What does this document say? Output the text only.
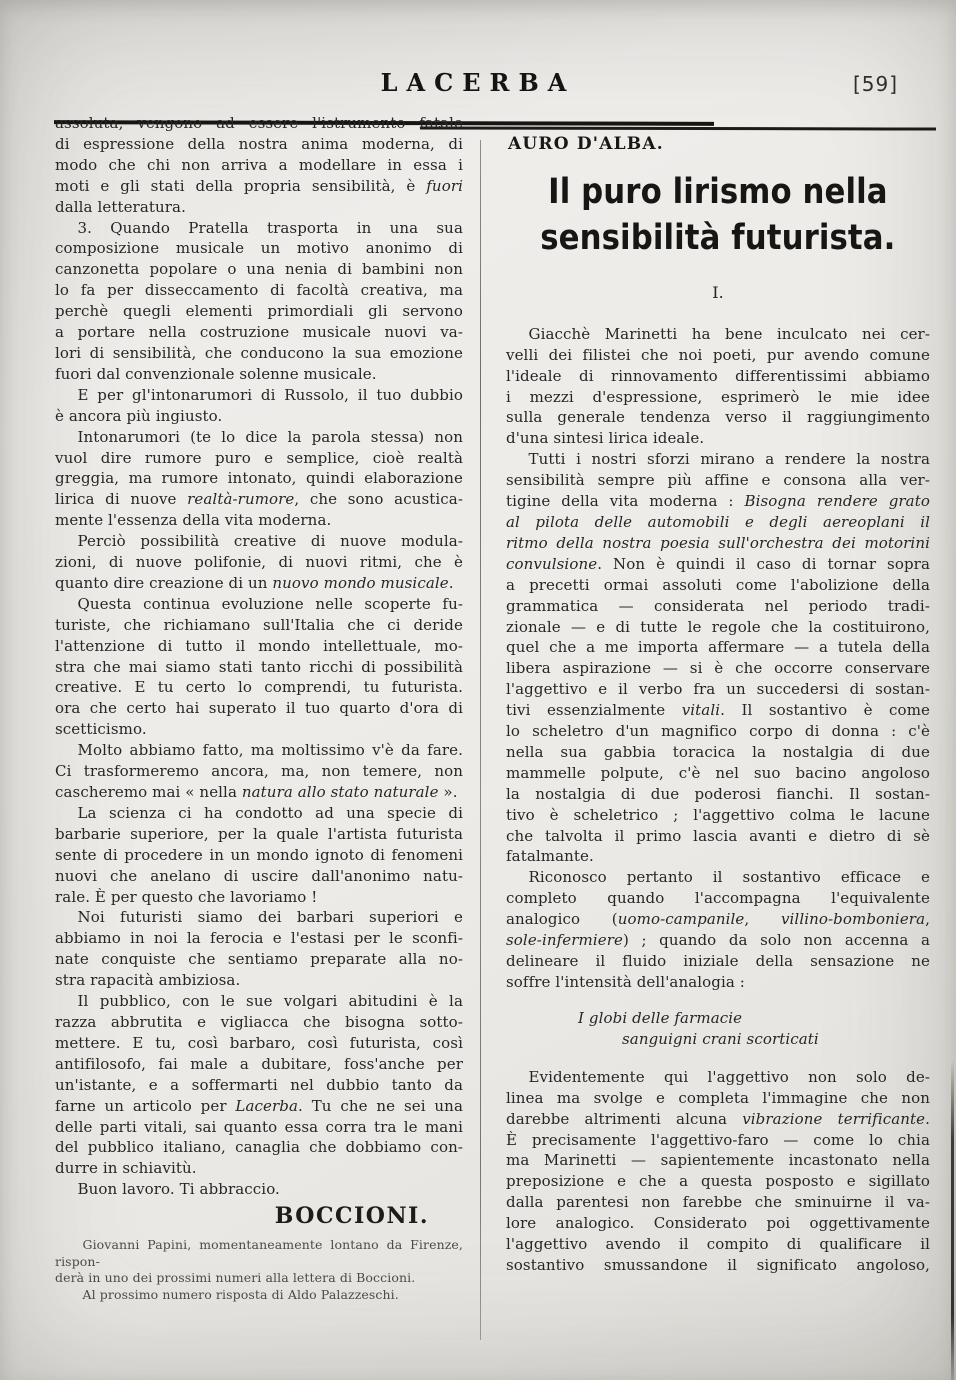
LACERBA	[59]
assoluta, vengono ad essere l'istrumento fatale
di espressione della nostra anima moderna, di
modo che chi non arriva a modellare in essa i
moti e gli stati della propria sensibilità, è fuori
dalla letteratura.
3. Quando Pratella trasporta in una sua
composizione musicale un motivo anonimo di
canzonetta popolare o una nenia di bambini non
lo fa per disseccamento di facoltà creativa, ma
perchè quegli elementi primordiali gli servono
a portare nella costruzione musicale nuovi va-
lori di sensibilità, che conducono la sua emozione
fuori dal convenzionale solenne musicale.
E per gl'intonarumori di Russolo, il tuo dubbio
è ancora più ingiusto.
Intonarumori (te lo dice la parola stessa) non
vuol dire rumore puro e semplice, cioè realtà
greggia, ma rumore intonato, quindi elaborazione
lirica di nuove realtà-rumore, che sono acustica-
mente l'essenza della vita moderna.
Perciò possibilità creative di nuove modula-
zioni, di nuove polifonie, di nuovi ritmi, che è
quanto dire creazione di un nuovo mondo musicale.
Questa continua evoluzione nelle scoperte fu-
turiste, che richiamano sull'Italia che ci deride
l'attenzione di tutto il mondo intellettuale, mo-
stra che mai siamo stati tanto ricchi di possibilità
creative. E tu certo lo comprendi, tu futurista.
ora che certo hai superato il tuo quarto d'ora di
scetticismo.
Molto abbiamo fatto, ma moltissimo v'è da fare.
Ci trasformeremo ancora, ma, non temere, non
cascheremo mai « nella natura allo stato naturale ».
La scienza ci ha condotto ad una specie di
barbarie superiore, per la quale l'artista futurista
sente di procedere in un mondo ignoto di fenomeni
nuovi che anelano di uscire dall'anonimo natu-
rale. È per questo che lavoriamo !
Noi futuristi siamo dei barbari superiori e
abbiamo in noi la ferocia e l'estasi per le sconfi-
nate conquiste che sentiamo preparate alla no-
stra rapacità ambiziosa.
Il pubblico, con le sue volgari abitudini è la
razza abbrutita e vigliacca che bisogna sotto-
mettere. E tu, così barbaro, così futurista, così
antifilosofo, fai male a dubitare, foss'anche per
un'istante, e a soffermarti nel dubbio tanto da
farne un articolo per Lacerba. Tu che ne sei una
delle parti vitali, sai quanto essa corra tra le mani
del pubblico italiano, canaglia che dobbiamo con-
durre in schiavitù.
Buon lavoro. Ti abbraccio.
BOCCIONI.
Giovanni Papini, momentaneamente lontano da Firenze, rispon-
derà in uno dei prossimi numeri alla lettera di Boccioni.
Al prossimo numero risposta di Aldo Palazzeschi.
AURO D'ALBA.
Il puro lirismo nella
sensibilità futurista.
I.
Giacchè Marinetti ha bene inculcato nei cer-
velli dei filistei che noi poeti, pur avendo comune
l'ideale di rinnovamento differentissimi abbiamo
i mezzi d'espressione, esprimerò le mie idee
sulla generale tendenza verso il raggiungimento
d'una sintesi lirica ideale.
Tutti i nostri sforzi mirano a rendere la nostra
sensibilità sempre più affine e consona alla ver-
tigine della vita moderna : Bisogna rendere grato
al pilota delle automobili e degli aereoplani il
ritmo della nostra poesia sull'orchestra dei motorini
convulsione. Non è quindi il caso di tornar sopra
a precetti ormai assoluti come l'abolizione della
grammatica — considerata nel periodo tradi-
zionale — e di tutte le regole che la costituirono,
quel che a me importa affermare — a tutela della
libera aspirazione — si è che occorre conservare
l'aggettivo e il verbo fra un succedersi di sostan-
tivi essenzialmente vitali. Il sostantivo è come
lo scheletro d'un magnifico corpo di donna : c'è
nella sua gabbia toracica la nostalgia di due
mammelle polpute, c'è nel suo bacino angoloso
la nostalgia di due poderosi fianchi. Il sostan-
tivo è scheletrico ; l'aggettivo colma le lacune
che talvolta il primo lascia avanti e dietro di sè
fatalmante.
Riconosco pertanto il sostantivo efficace e
completo quando l'accompagna l'equivalente
analogico (uomo-campanile, villino-bomboniera,
sole-infermiere) ; quando da solo non accenna a
delineare il fluido iniziale della sensazione ne
soffre l'intensità dell'analogia :
I globi delle farmacie
sanguigni crani scorticati
Evidentemente qui l'aggettivo non solo de-
linea ma svolge e completa l'immagine che non
darebbe altrimenti alcuna vibrazione terrificante.
È precisamente l'aggettivo-faro — come lo chia
ma Marinetti — sapientemente incastonato nella
preposizione e che a questa posposto e sigillato
dalla parentesi non farebbe che sminuirne il va-
lore analogico. Considerato poi oggettivamente
l'aggettivo avendo il compito di qualificare il
sostantivo smussandone il significato angoloso,
